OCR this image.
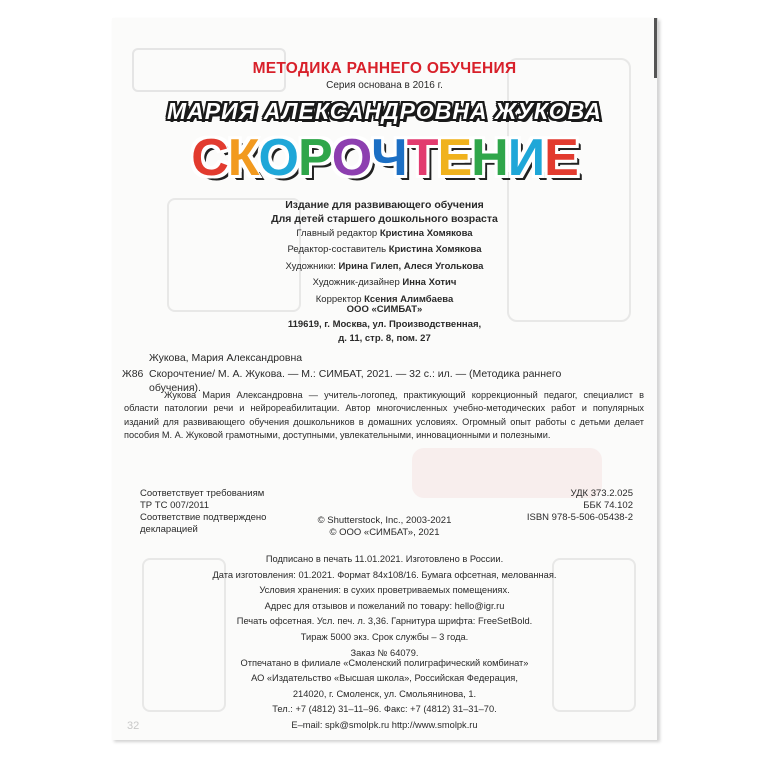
МЕТОДИКА РАННЕГО ОБУЧЕНИЯ
Серия основана в 2016 г.
МАРИЯ АЛЕКСАНДРОВНА ЖУКОВА
СКОРОЧТЕНИЕ
Издание для развивающего обучения
Для детей старшего дошкольного возраста
Главный редактор Кристина Хомякова
Редактор-составитель Кристина Хомякова
Художники: Ирина Гилеп, Алеся Уголькова
Художник-дизайнер Инна Хотич
Корректор Ксения Алимбаева
ООО «СИМБАТ»
119619, г. Москва, ул. Производственная,
д. 11, стр. 8, пом. 27
Жукова, Мария Александровна
Ж86 Скорочтение/ М. А. Жукова. — М.: СИМБАТ, 2021. — 32 с.: ил. — (Методика раннего обучения).
Жукова Мария Александровна — учитель-логопед, практикующий коррекционный педагог, специалист в области патологии речи и нейрореабилитации. Автор многочисленных учебно-методических работ и популярных изданий для развивающего обучения дошкольников в домашних условиях. Огромный опыт работы с детьми делает пособия М. А. Жуковой грамотными, доступными, увлекательными, инновационными и полезными.
Соответствует требованиям
ТР ТС 007/2011
Соответствие подтверждено
декларацией
УДК 373.2.025
ББК 74.102
ISBN 978-5-506-05438-2
© Shutterstock, Inc., 2003-2021
© ООО «СИМБАТ», 2021
Подписано в печать 11.01.2021. Изготовлено в России.
Дата изготовления: 01.2021. Формат 84х108/16. Бумага офсетная, мелованная.
Условия хранения: в сухих проветриваемых помещениях.
Адрес для отзывов и пожеланий по товару: hello@igr.ru
Печать офсетная. Усл. печ. л. 3,36. Гарнитура шрифта: FreeSetBold.
Тираж 5000 экз. Срок службы – 3 года.
Заказ № 64079.
Отпечатано в филиале «Смоленский полиграфический комбинат»
АО «Издательство «Высшая школа», Российская Федерация,
214020, г. Смоленск, ул. Смольянинова, 1.
Тел.: +7 (4812) 31–11–96. Факс: +7 (4812) 31–31–70.
E–mail: spk@smolpk.ru http://www.smolpk.ru
32
